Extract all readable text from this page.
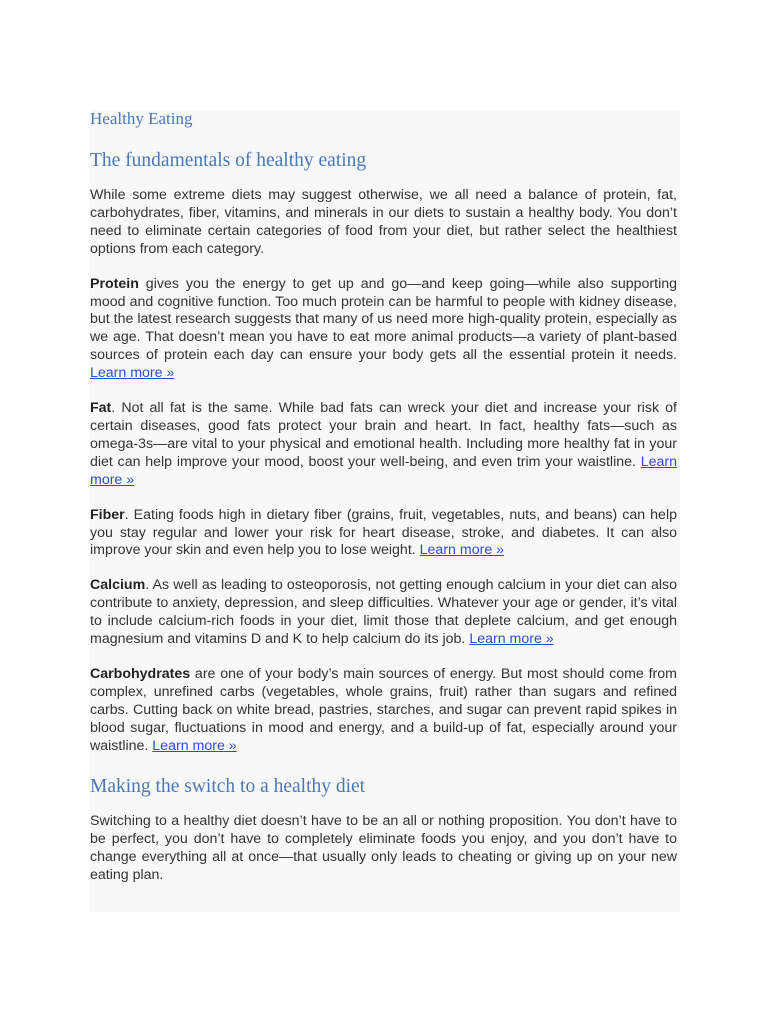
Healthy Eating
The fundamentals of healthy eating

While some extreme diets may suggest otherwise, we all need a balance of protein, fat, carbohydrates, fiber, vitamins, and minerals in our diets to sustain a healthy body. You don’t need to eliminate certain categories of food from your diet, but rather select the healthiest options from each category.

Protein gives you the energy to get up and go—and keep going—while also supporting mood and cognitive function. Too much protein can be harmful to people with kidney disease, but the latest research suggests that many of us need more high-quality protein, especially as we age. That doesn’t mean you have to eat more animal products—a variety of plant-based sources of protein each day can ensure your body gets all the essential protein it needs. Learn more »

Fat. Not all fat is the same. While bad fats can wreck your diet and increase your risk of certain diseases, good fats protect your brain and heart. In fact, healthy fats—such as omega-3s—are vital to your physical and emotional health. Including more healthy fat in your diet can help improve your mood, boost your well-being, and even trim your waistline. Learn more »

Fiber. Eating foods high in dietary fiber (grains, fruit, vegetables, nuts, and beans) can help you stay regular and lower your risk for heart disease, stroke, and diabetes. It can also improve your skin and even help you to lose weight. Learn more »

Calcium. As well as leading to osteoporosis, not getting enough calcium in your diet can also contribute to anxiety, depression, and sleep difficulties. Whatever your age or gender, it’s vital to include calcium-rich foods in your diet, limit those that deplete calcium, and get enough magnesium and vitamins D and K to help calcium do its job. Learn more »

Carbohydrates are one of your body’s main sources of energy. But most should come from complex, unrefined carbs (vegetables, whole grains, fruit) rather than sugars and refined carbs. Cutting back on white bread, pastries, starches, and sugar can prevent rapid spikes in blood sugar, fluctuations in mood and energy, and a build-up of fat, especially around your waistline. Learn more »

Making the switch to a healthy diet

Switching to a healthy diet doesn’t have to be an all or nothing proposition. You don’t have to be perfect, you don’t have to completely eliminate foods you enjoy, and you don’t have to change everything all at once—that usually only leads to cheating or giving up on your new eating plan.
